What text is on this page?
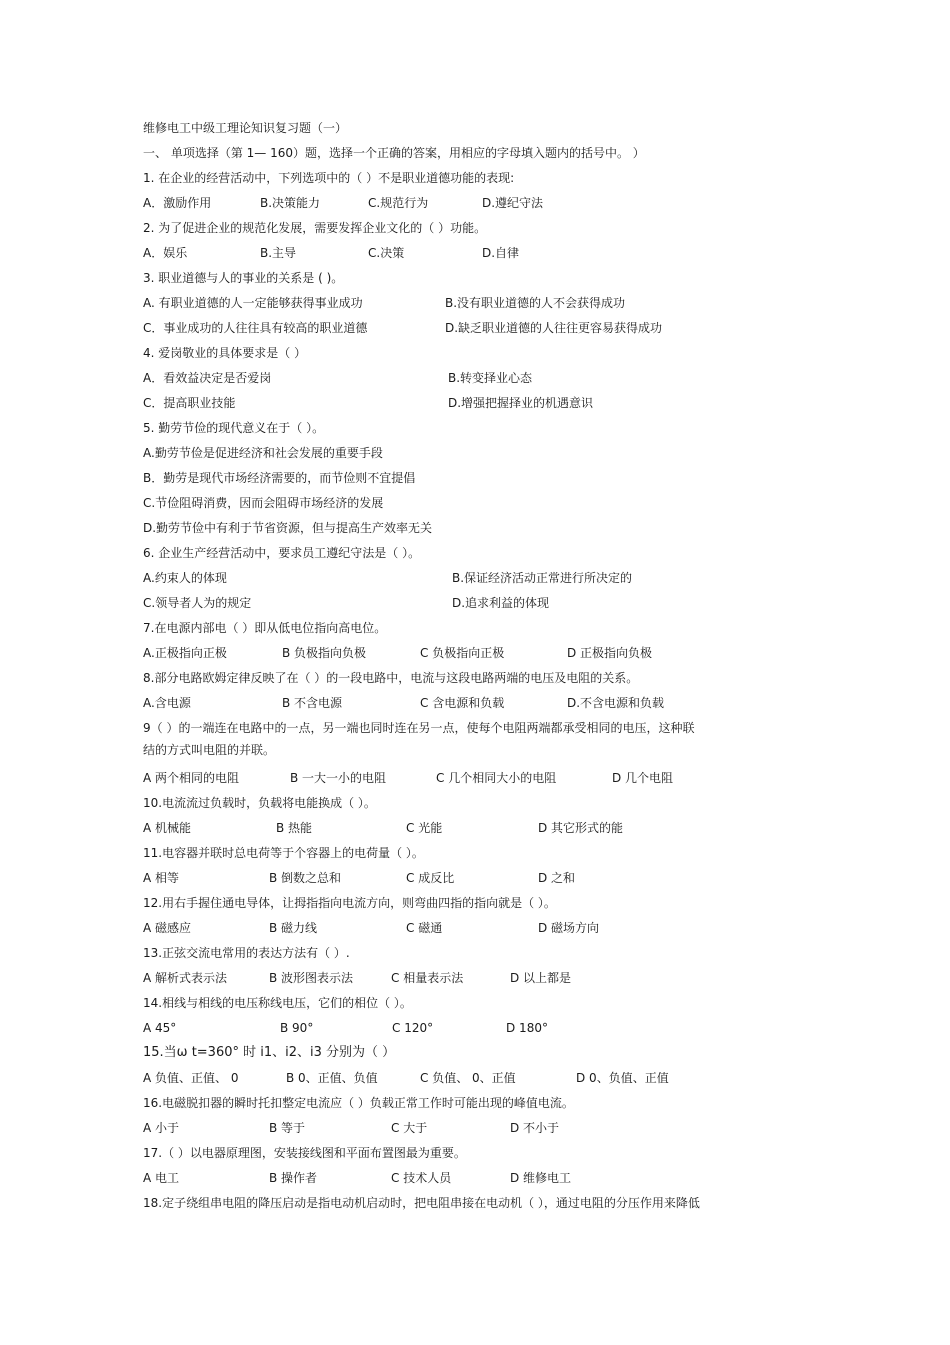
维修电工中级工理论知识复习题（一）
一、 单项选择（第 1— 160）题，选择一个正确的答案，用相应的字母填入题内的括号中。 ）
1. 在企业的经营活动中，下列选项中的（ ）不是职业道德功能的表现:
A．激励作用	B.决策能力	C.规范行为	D.遵纪守法
2. 为了促进企业的规范化发展，需要发挥企业文化的（ ）功能。
A．娱乐	B.主导	C.决策	D.自律
3. 职业道德与人的事业的关系是 ( )。
A. 有职业道德的人一定能够获得事业成功	B.没有职业道德的人不会获得成功
C．事业成功的人往往具有较高的职业道德	D.缺乏职业道德的人往往更容易获得成功
4. 爱岗敬业的具体要求是（ ）
A．看效益决定是否爱岗	B.转变择业心态
C．提高职业技能	D.增强把握择业的机遇意识
5. 勤劳节俭的现代意义在于（ ）。
A.勤劳节俭是促进经济和社会发展的重要手段
B．勤劳是现代市场经济需要的，而节俭则不宜提倡
C.节俭阻碍消费，因而会阻碍市场经济的发展
D.勤劳节俭中有利于节省资源，但与提高生产效率无关
6. 企业生产经营活动中，要求员工遵纪守法是（ ）。
A.约束人的体现	B.保证经济活动正常进行所决定的
C.领导者人为的规定	D.追求利益的体现
7.在电源内部电（ ）即从低电位指向高电位。
A.正极指向正极	B 负极指向负极	C 负极指向正极	D 正极指向负极
8.部分电路欧姆定律反映了在（ ）的一段电路中，电流与这段电路两端的电压及电阻的关系。
A.含电源	B 不含电源	C 含电源和负载	D.不含电源和负载
9（ ）的一端连在电路中的一点，另一端也同时连在另一点，使每个电阻两端都承受相同的电压，这种联
结的方式叫电阻的并联。
A 两个相同的电阻	B 一大一小的电阻	C 几个相同大小的电阻	D 几个电阻
10.电流流过负载时，负载将电能换成（ ）。
A 机械能	B 热能	C 光能	D 其它形式的能
11.电容器并联时总电荷等于个容器上的电荷量（ ）。
A 相等	B 倒数之总和	C 成反比	D 之和
12.用右手握住通电导体，让拇指指向电流方向，则弯曲四指的指向就是（ ）。
A 磁感应	B 磁力线	C 磁通	D 磁场方向
13.正弦交流电常用的表达方法有（ ）.
A 解析式表示法	B 波形图表示法	C 相量表示法	D 以上都是
14.相线与相线的电压称线电压，它们的相位（ ）。
A 45°	B 90°	C 120°	D 180°
15.当ω t=360° 时 i1、i2、i3 分别为（ ）
A 负值、正值、 0	B 0、正值、负值	C 负值、 0、正值	D 0、负值、正值
16.电磁脱扣器的瞬时托扣整定电流应（ ）负载正常工作时可能出现的峰值电流。
A 小于	B 等于	C 大于	D 不小于
17.（ ）以电器原理图，安装接线图和平面布置图最为重要。
A 电工	B 操作者	C 技术人员	D 维修电工
18.定子绕组串电阻的降压启动是指电动机启动时，把电阻串接在电动机（ ），通过电阻的分压作用来降低
